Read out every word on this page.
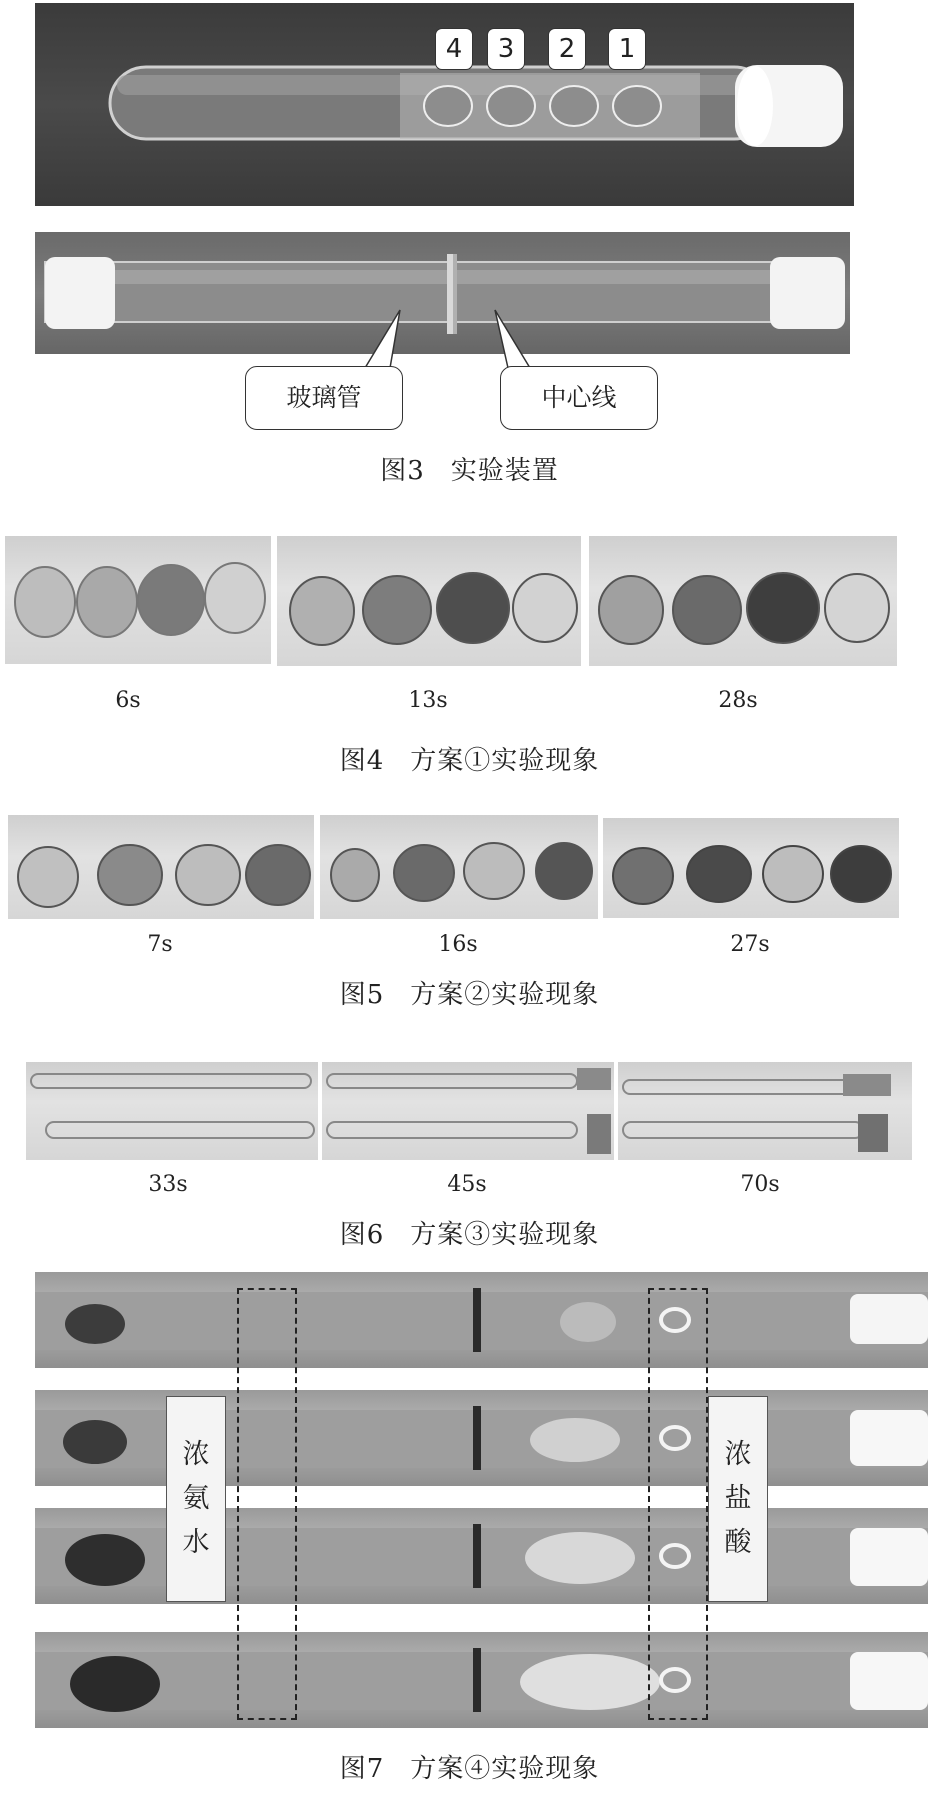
4	3	2	1
玻璃管	中心线
图3 实验装置
6s	13s	28s
图4 方案①实验现象
7s	16s	27s
图5 方案②实验现象
33s	45s	70s
图6 方案③实验现象
浓
氨
水
浓
盐
酸
图7 方案④实验现象
